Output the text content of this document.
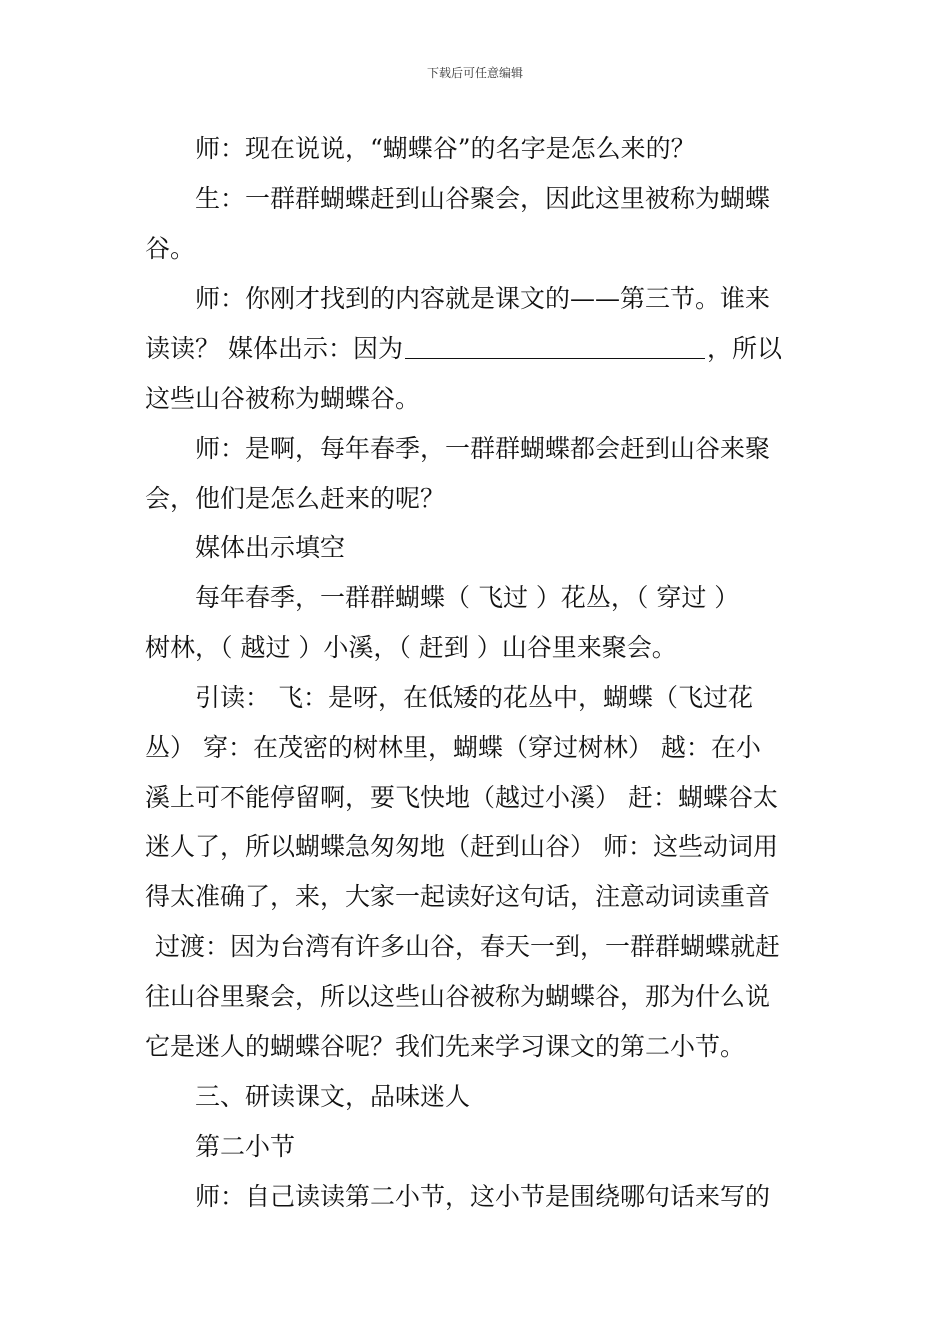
下载后可任意编辑
师：现在说说，“蝴蝶谷”的名字是怎么来的？
生：一群群蝴蝶赶到山谷聚会，因此这里被称为蝴蝶
谷。
师：你刚才找到的内容就是课文的——第三节。谁来
读读？ 媒体出示：因为	，所以
这些山谷被称为蝴蝶谷。
师：是啊，每年春季，一群群蝴蝶都会赶到山谷来聚
会，他们是怎么赶来的呢？
媒体出示填空
每年春季，一群群蝴蝶（ 飞过 ）花丛，（ 穿过 ）
树林，（ 越过 ）小溪，（ 赶到 ）山谷里来聚会。
引读： 飞：是呀，在低矮的花丛中，蝴蝶（飞过花
丛） 穿：在茂密的树林里，蝴蝶（穿过树林） 越：在小
溪上可不能停留啊，要飞快地（越过小溪） 赶：蝴蝶谷太
迷人了，所以蝴蝶急匆匆地（赶到山谷） 师：这些动词用
得太准确了，来，大家一起读好这句话，注意动词读重音
过渡：因为台湾有许多山谷，春天一到，一群群蝴蝶就赶
往山谷里聚会，所以这些山谷被称为蝴蝶谷，那为什么说
它是迷人的蝴蝶谷呢？我们先来学习课文的第二小节。
三、研读课文，品味迷人
第二小节
师：自己读读第二小节，这小节是围绕哪句话来写的
